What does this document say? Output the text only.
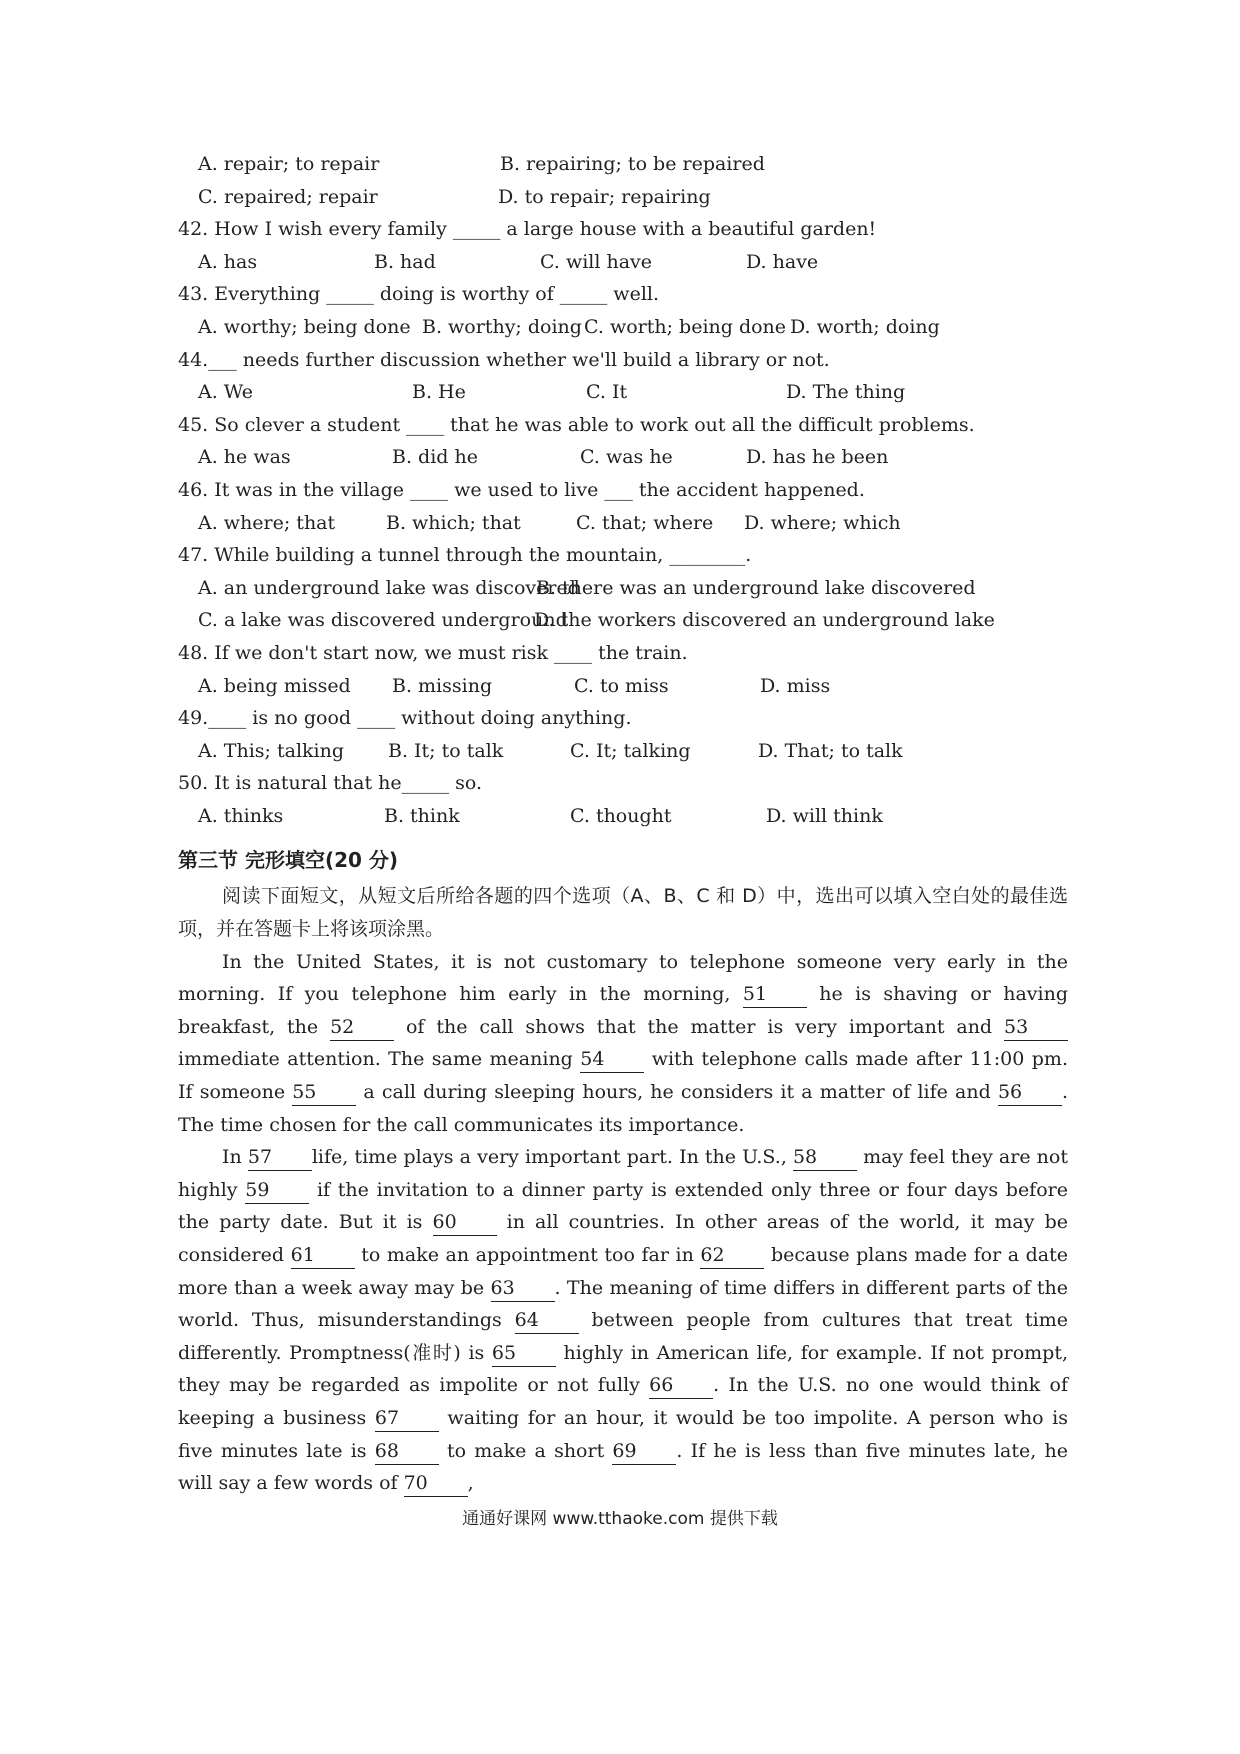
A. repair; to repair	B. repairing; to be repaired
C. repaired; repair	D. to repair; repairing
42. How I wish every family _____ a large house with a beautiful garden!
A. has	B. had	C. will have	D. have
43. Everything _____ doing is worthy of _____ well.
A. worthy; being done B. worthy; doing C. worth; being done D. worth; doing
44.___ needs further discussion whether we'll build a library or not.
A. We	B. He	C. It	D. The thing
45. So clever a student ____ that he was able to work out all the difficult problems.
A. he was	B. did he	C. was he	D. has he been
46. It was in the village ____ we used to live ___ the accident happened.
A. where; that	B. which; that	C. that; where D. where; which
47. While building a tunnel through the mountain, ________.
A. an underground lake was discovered
B. there was an underground lake discovered
C. a lake was discovered underground
D. the workers discovered an underground lake
48. If we don't start now, we must risk ____ the train.
A. being missed B. missing	C. to miss	D. miss
49.____ is no good ____ without doing anything.
A. This; talking B. It; to talk	C. It; talking	D. That; to talk
50. It is natural that he_____ so.
A. thinks	B. think	C. thought	D. will think
第三节 完形填空(20 分)

阅读下面短文，从短文后所给各题的四个选项（A、B、C 和 D）中，选出可以填入空白处的最佳选项，并在答题卡上将该项涂黑。

In the United States, it is not customary to telephone someone very early in the morning. If you telephone him early in the morning, 51 he is shaving or having breakfast, the 52 of the call shows that the matter is very important and 53 immediate attention. The same meaning 54 with telephone calls made after 11:00 pm. If someone 55 a call during sleeping hours, he considers it a matter of life and 56 . The time chosen for the call communicates its importance.

In 57 life, time plays a very important part. In the U.S., 58 may feel they are not highly 59 if the invitation to a dinner party is extended only three or four days before the party date. But it is 60 in all countries. In other areas of the world, it may be considered 61 to make an appointment too far in 62 because plans made for a date more than a week away may be 63 . The meaning of time differs in different parts of the world. Thus, misunderstandings 64 between people from cultures that treat time differently. Promptness(准时) is 65 highly in American life, for example. If not prompt, they may be regarded as impolite or not fully 66 . In the U.S. no one would think of keeping a business 67 waiting for an hour, it would be too impolite. A person who is five minutes late is 68 to make a short 69 . If he is less than five minutes late, he will say a few words of 70 ,

通通好课网 www.tthaoke.com 提供下载
